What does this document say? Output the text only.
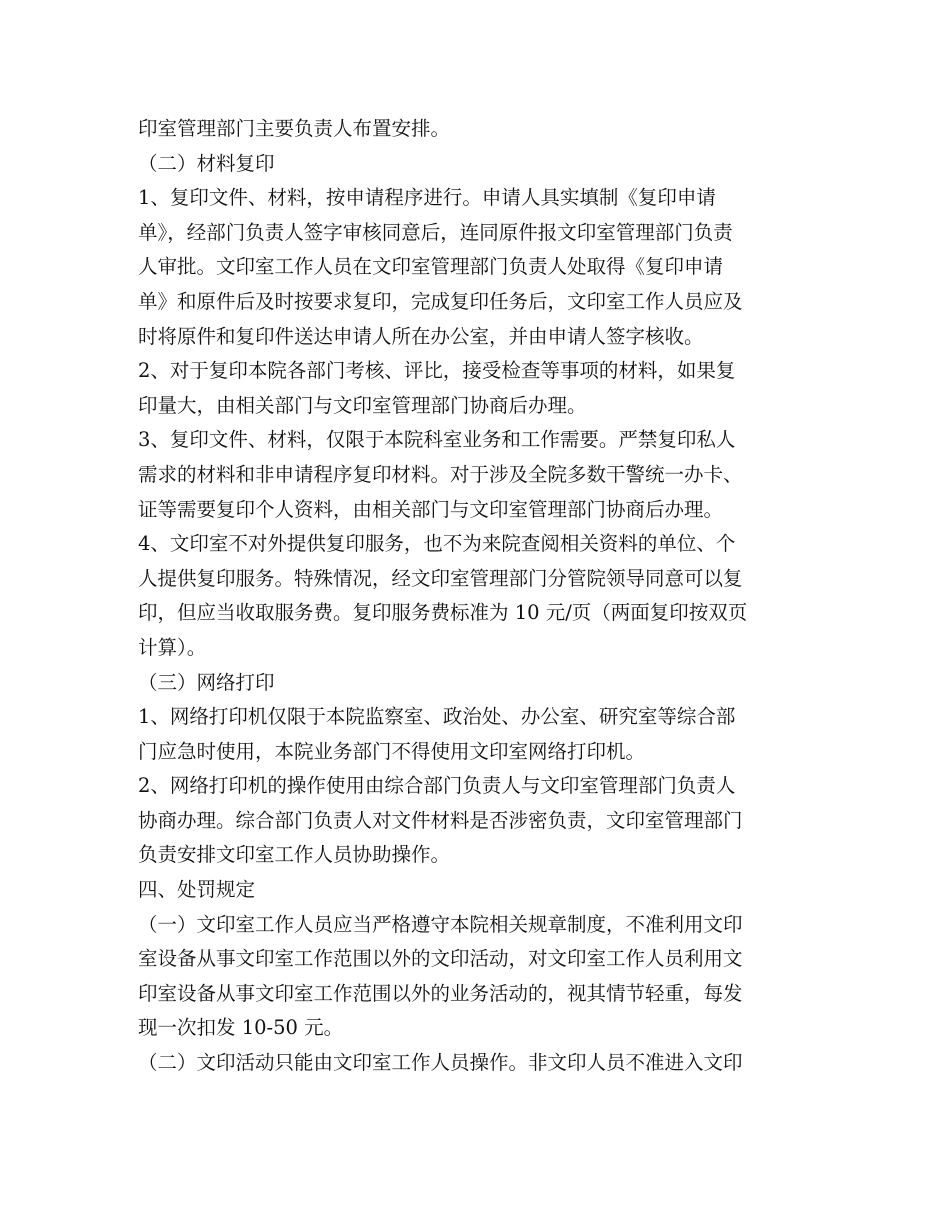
印室管理部门主要负责人布置安排。
（二）材料复印
1、复印文件、材料，按申请程序进行。申请人具实填制《复印申请
单》，经部门负责人签字审核同意后，连同原件报文印室管理部门负责
人审批。文印室工作人员在文印室管理部门负责人处取得《复印申请
单》和原件后及时按要求复印，完成复印任务后，文印室工作人员应及
时将原件和复印件送达申请人所在办公室，并由申请人签字核收。
2、对于复印本院各部门考核、评比，接受检查等事项的材料，如果复
印量大，由相关部门与文印室管理部门协商后办理。
3、复印文件、材料，仅限于本院科室业务和工作需要。严禁复印私人
需求的材料和非申请程序复印材料。对于涉及全院多数干警统一办卡、
证等需要复印个人资料，由相关部门与文印室管理部门协商后办理。
4、文印室不对外提供复印服务，也不为来院查阅相关资料的单位、个
人提供复印服务。特殊情况，经文印室管理部门分管院领导同意可以复
印，但应当收取服务费。复印服务费标准为 10 元/页（两面复印按双页
计算）。
（三）网络打印
1、网络打印机仅限于本院监察室、政治处、办公室、研究室等综合部
门应急时使用，本院业务部门不得使用文印室网络打印机。
2、网络打印机的操作使用由综合部门负责人与文印室管理部门负责人
协商办理。综合部门负责人对文件材料是否涉密负责，文印室管理部门
负责安排文印室工作人员协助操作。
四、处罚规定
（一）文印室工作人员应当严格遵守本院相关规章制度，不准利用文印
室设备从事文印室工作范围以外的文印活动，对文印室工作人员利用文
印室设备从事文印室工作范围以外的业务活动的，视其情节轻重，每发
现一次扣发 10-50 元。
（二）文印活动只能由文印室工作人员操作。非文印人员不准进入文印
